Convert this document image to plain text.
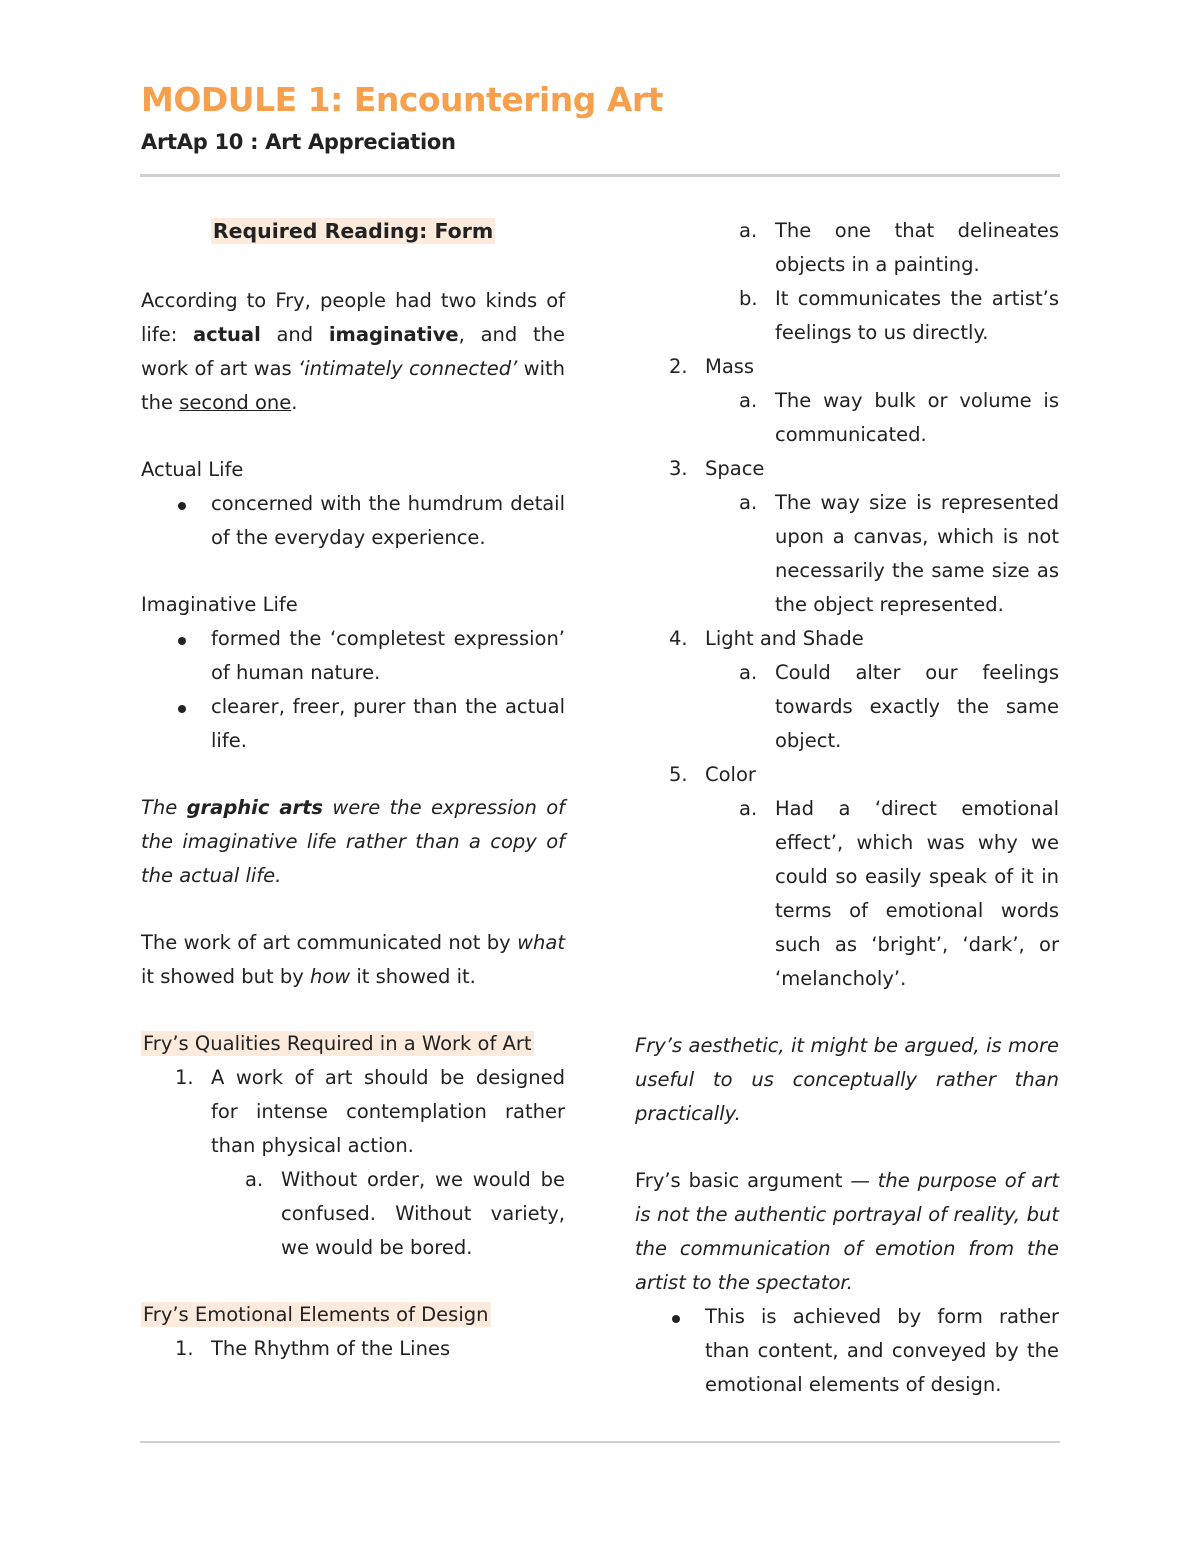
MODULE 1: Encountering Art
ArtAp 10 : Art Appreciation

Required Reading: Form

According to Fry, people had two kinds of life: actual and imaginative, and the work of art was ‘intimately connected’ with the second one.

Actual Life

concerned with the humdrum detail of the everyday experience.

Imaginative Life

formed the ‘completest expression’ of human nature.
clearer, freer, purer than the actual life.

The graphic arts were the expression of the imaginative life rather than a copy of the actual life.

The work of art communicated not by what it showed but by how it showed it.

Fry’s Qualities Required in a Work of Art

1. A work of art should be designed for intense contemplation rather than physical action.
a. Without order, we would be confused. Without variety, we would be bored.

Fry’s Emotional Elements of Design

1. The Rhythm of the Lines
a. The one that delineates objects in a painting.
b. It communicates the artist’s feelings to us directly.
2. Mass
a. The way bulk or volume is communicated.
3. Space
a. The way size is represented upon a canvas, which is not necessarily the same size as the object represented.
4. Light and Shade
a. Could alter our feelings towards exactly the same object.
5. Color
a. Had a ‘direct emotional effect’, which was why we could so easily speak of it in terms of emotional words such as ‘bright’, ‘dark’, or ‘melancholy’.

Fry’s aesthetic, it might be argued, is more useful to us conceptually rather than practically.

Fry’s basic argument — the purpose of art is not the authentic portrayal of reality, but the communication of emotion from the artist to the spectator.

This is achieved by form rather than content, and conveyed by the emotional elements of design.
